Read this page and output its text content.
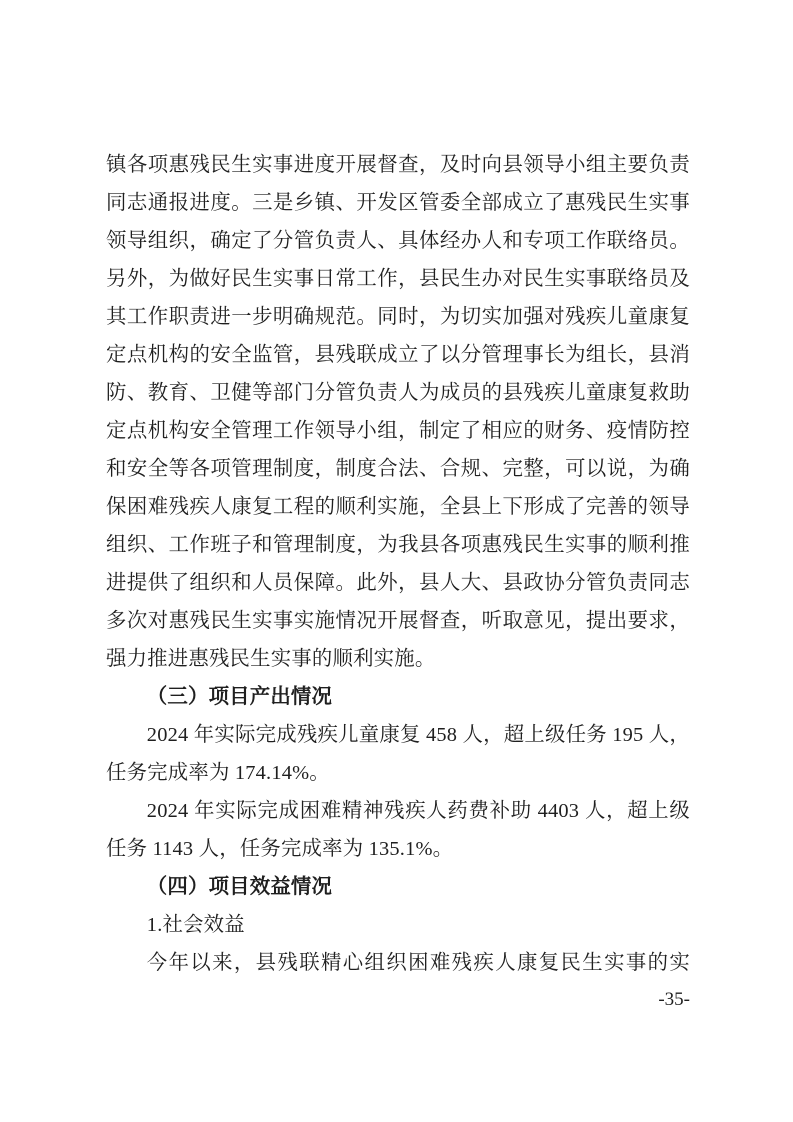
镇各项惠残民生实事进度开展督查，及时向县领导小组主要负责
同志通报进度。三是乡镇、开发区管委全部成立了惠残民生实事
领导组织，确定了分管负责人、具体经办人和专项工作联络员。
另外，为做好民生实事日常工作，县民生办对民生实事联络员及
其工作职责进一步明确规范。同时，为切实加强对残疾儿童康复
定点机构的安全监管，县残联成立了以分管理事长为组长，县消
防、教育、卫健等部门分管负责人为成员的县残疾儿童康复救助
定点机构安全管理工作领导小组，制定了相应的财务、疫情防控
和安全等各项管理制度，制度合法、合规、完整，可以说，为确
保困难残疾人康复工程的顺利实施，全县上下形成了完善的领导
组织、工作班子和管理制度，为我县各项惠残民生实事的顺利推
进提供了组织和人员保障。此外，县人大、县政协分管负责同志
多次对惠残民生实事实施情况开展督查，听取意见，提出要求，
强力推进惠残民生实事的顺利实施。
（三）项目产出情况
2024 年实际完成残疾儿童康复 458 人，超上级任务 195 人，
任务完成率为 174.14%。
2024 年实际完成困难精神残疾人药费补助 4403 人，超上级
任务 1143 人，任务完成率为 135.1%。
（四）项目效益情况
1.社会效益
今年以来，县残联精心组织困难残疾人康复民生实事的实
-35-
